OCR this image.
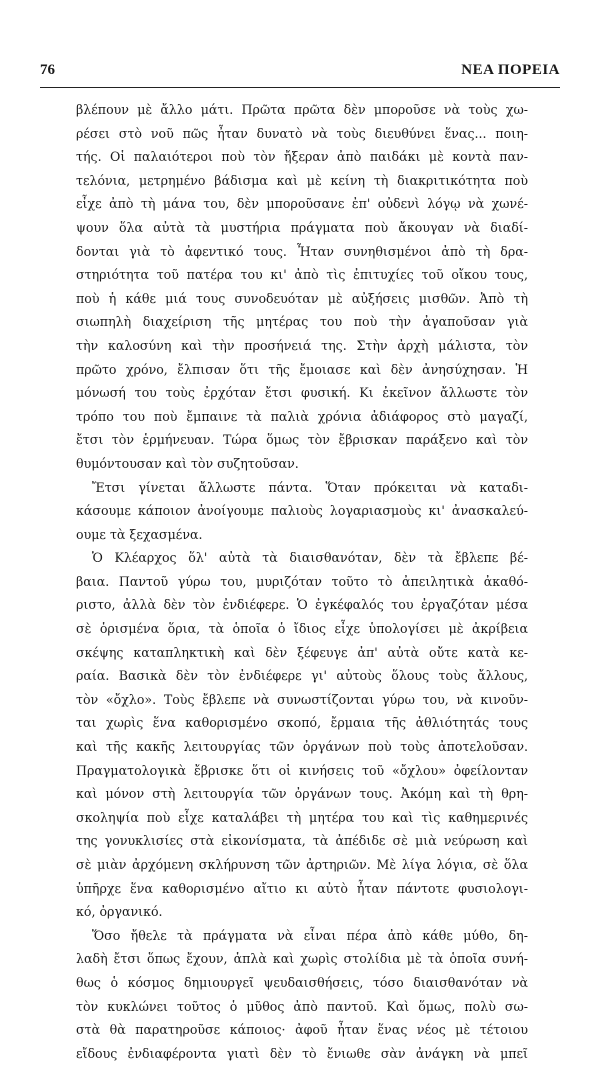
76	ΝΕΑ ΠΟΡΕΙΑ
βλέπουν μὲ ἄλλο μάτι. Πρῶτα πρῶτα δὲν μποροῦσε νὰ τοὺς χω-
ρέσει στὸ νοῦ πῶς ἦταν δυνατὸ νὰ τοὺς διευθύνει ἕνας... ποιη-
τής. Οἱ παλαιότεροι ποὺ τὸν ἤξεραν ἀπὸ παιδάκι μὲ κοντὰ παν-
τελόνια, μετρημένο βάδισμα καὶ μὲ κείνη τὴ διακριτικότητα ποὺ
εἶχε ἀπὸ τὴ μάνα του, δὲν μποροῦσανε ἐπ' οὐδενὶ λόγῳ νὰ χωνέ-
ψουν ὅλα αὐτὰ τὰ μυστήρια πράγματα ποὺ ἄκουγαν νὰ διαδί-
δονται γιὰ τὸ ἀφεντικό τους. Ἦταν συνηθισμένοι ἀπὸ τὴ δρα-
στηριότητα τοῦ πατέρα του κι' ἀπὸ τὶς ἐπιτυχίες τοῦ οἴκου τους,
ποὺ ἡ κάθε μιά τους συνοδευόταν μὲ αὐξήσεις μισθῶν. Ἀπὸ τὴ
σιωπηλὴ διαχείριση τῆς μητέρας του ποὺ τὴν ἀγαποῦσαν γιὰ
τὴν καλοσύνη καὶ τὴν προσήνειά της. Στὴν ἀρχὴ μάλιστα, τὸν
πρῶτο χρόνο, ἔλπισαν ὅτι τῆς ἔμοιασε καὶ δὲν ἀνησύχησαν. Ἡ
μόνωσή του τοὺς ἐρχόταν ἔτσι φυσική. Κι ἐκεῖνον ἄλλωστε τὸν
τρόπο του ποὺ ἔμπαινε τὰ παλιὰ χρόνια ἀδιάφορος στὸ μαγαζί,
ἔτσι τὸν ἑρμήνευαν. Τώρα ὅμως τὸν ἔβρισκαν παράξενο καὶ τὸν
θυμόντουσαν καὶ τὸν συζητοῦσαν.
Ἔτσι γίνεται ἄλλωστε πάντα. Ὅταν πρόκειται νὰ καταδι-
κάσουμε κάποιον ἀνοίγουμε παλιοὺς λογαριασμοὺς κι' ἀνασκαλεύ-
ουμε τὰ ξεχασμένα.
Ὁ Κλέαρχος ὅλ' αὐτὰ τὰ διαισθανόταν, δὲν τὰ ἔβλεπε βέ-
βαια. Παντοῦ γύρω του, μυριζόταν τοῦτο τὸ ἀπειλητικὰ ἀκαθό-
ριστο, ἀλλὰ δὲν τὸν ἐνδιέφερε. Ὁ ἐγκέφαλός του ἐργαζόταν μέσα
σὲ ὁρισμένα ὅρια, τὰ ὁποῖα ὁ ἴδιος εἶχε ὑπολογίσει μὲ ἀκρίβεια
σκέψης καταπληκτικὴ καὶ δὲν ξέφευγε ἀπ' αὐτὰ οὔτε κατὰ κε-
ραία. Βασικὰ δὲν τὸν ἐνδιέφερε γι' αὐτοὺς ὅλους τοὺς ἄλλους,
τὸν «ὄχλο». Τοὺς ἔβλεπε νὰ συνωστίζονται γύρω του, νὰ κινοῦν-
ται χωρὶς ἕνα καθορισμένο σκοπό, ἔρμαια τῆς ἀθλιότητάς τους
καὶ τῆς κακῆς λειτουργίας τῶν ὀργάνων ποὺ τοὺς ἀποτελοῦσαν.
Πραγματολογικὰ ἔβρισκε ὅτι οἱ κινήσεις τοῦ «ὄχλου» ὀφείλονταν
καὶ μόνον στὴ λειτουργία τῶν ὀργάνων τους. Ἀκόμη καὶ τὴ θρη-
σκοληψία ποὺ εἶχε καταλάβει τὴ μητέρα του καὶ τὶς καθημερινές
της γονυκλισίες στὰ εἰκονίσματα, τὰ ἀπέδιδε σὲ μιὰ νεύρωση καὶ
σὲ μιὰν ἀρχόμενη σκλήρυνση τῶν ἀρτηριῶν. Μὲ λίγα λόγια, σὲ ὅλα
ὑπῆρχε ἕνα καθορισμένο αἴτιο κι αὐτὸ ἦταν πάντοτε φυσιολογι-
κό, ὀργανικό.
Ὅσο ἤθελε τὰ πράγματα νὰ εἶναι πέρα ἀπὸ κάθε μύθο, δη-
λαδὴ ἔτσι ὅπως ἔχουν, ἁπλὰ καὶ χωρὶς στολίδια μὲ τὰ ὁποῖα συνή-
θως ὁ κόσμος δημιουργεῖ ψευδαισθήσεις, τόσο διαισθανόταν νὰ
τὸν κυκλώνει τοῦτος ὁ μῦθος ἀπὸ παντοῦ. Καὶ ὅμως, πολὺ σω-
στὰ θὰ παρατηροῦσε κάποιος· ἀφοῦ ἦταν ἕνας νέος μὲ τέτοιου
εἴδους ἐνδιαφέροντα γιατὶ δὲν τὸ ἔνιωθε σὰν ἀνάγκη νὰ μπεῖ
